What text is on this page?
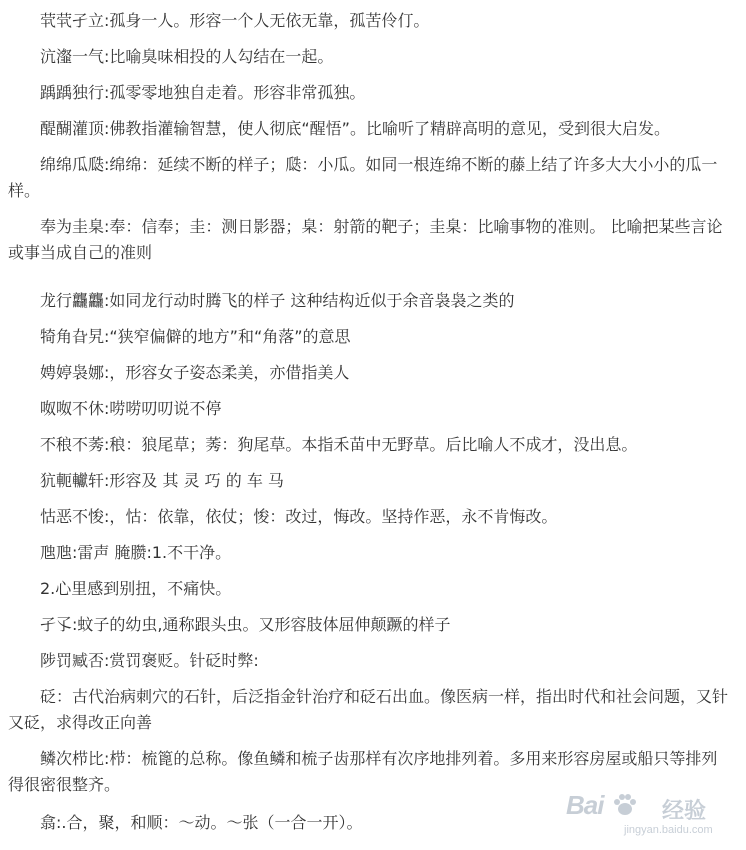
茕茕孑立:孤身一人。形容一个人无依无靠，孤苦伶仃。

沆瀣一气:比喻臭味相投的人勾结在一起。

踽踽独行:孤零零地独自走着。形容非常孤独。

醍醐灌顶:佛教指灌输智慧，使人彻底“醒悟”。比喻听了精辟高明的意见，受到很大启发。

绵绵瓜瓞:绵绵：延续不断的样子；瓞：小瓜。如同一根连绵不断的藤上结了许多大大小小的瓜一样。

奉为圭臬:奉：信奉；圭：测日影器；臬：射箭的靶子；圭臬：比喻事物的准则。 比喻把某些言论或事当成自己的准则

龙行龘龘:如同龙行动时腾飞的样子 这种结构近似于余音袅袅之类的

犄角旮旯:“狭窄偏僻的地方”和“角落”的意思

娉婷袅娜:，形容女子姿态柔美，亦借指美人

呶呶不休:唠唠叨叨说不停

不稂不莠:稂：狼尾草；莠：狗尾草。本指禾苗中无野草。后比喻人不成才，没出息。

犺軛䡾轩:形容及 其 灵 巧 的 车 马

怙恶不悛:，怙：依靠，依仗；悛：改过，悔改。坚持作恶，永不肯悔改。

虺虺:雷声 腌臜:1.不干净。

2.心里感到别扭，不痛快。

孑孓:蚊子的幼虫,通称跟头虫。又形容肢体屈伸颠蹶的样子

陟罚臧否:赏罚褒贬。针砭时弊:

砭：古代治病刺穴的石针，后泛指金针治疗和砭石出血。像医病一样，指出时代和社会问题，又针又砭，求得改正向善

鳞次栉比:栉：梳篦的总称。像鱼鳞和梳子齿那样有次序地排列着。多用来形容房屋或船只等排列得很密很整齐。

翕:.合，聚，和顺：～动。～张（一合一开）。

Bai	经验
jingyan.baidu.com
